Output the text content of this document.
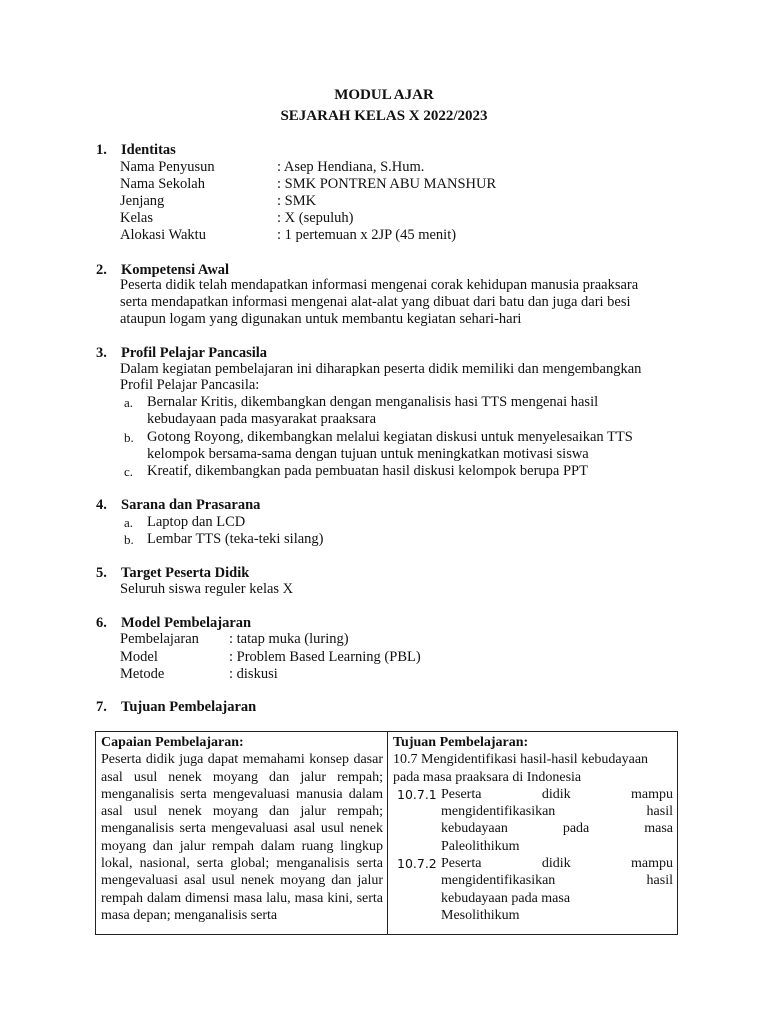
MODUL AJAR
SEJARAH KELAS X 2022/2023
1. Identitas
Nama Penyusun	: Asep Hendiana, S.Hum.
Nama Sekolah	: SMK PONTREN ABU MANSHUR
Jenjang	: SMK
Kelas	: X (sepuluh)
Alokasi Waktu	: 1 pertemuan x 2JP (45 menit)
2. Kompetensi Awal
Peserta didik telah mendapatkan informasi mengenai corak kehidupan manusia praaksara
serta mendapatkan informasi mengenai alat-alat yang dibuat dari batu dan juga dari besi
ataupun logam yang digunakan untuk membantu kegiatan sehari-hari
3. Profil Pelajar Pancasila
Dalam kegiatan pembelajaran ini diharapkan peserta didik memiliki dan mengembangkan
Profil Pelajar Pancasila:
a. Bernalar Kritis, dikembangkan dengan menganalisis hasi TTS mengenai hasil
kebudayaan pada masyarakat praaksara
b. Gotong Royong, dikembangkan melalui kegiatan diskusi untuk menyelesaikan TTS
kelompok bersama-sama dengan tujuan untuk meningkatkan motivasi siswa
c. Kreatif, dikembangkan pada pembuatan hasil diskusi kelompok berupa PPT
4. Sarana dan Prasarana
a. Laptop dan LCD
b. Lembar TTS (teka-teki silang)
5. Target Peserta Didik
Seluruh siswa reguler kelas X
6. Model Pembelajaran
Pembelajaran : tatap muka (luring)
Model	: Problem Based Learning (PBL)
Metode	: diskusi
7. Tujuan Pembelajaran
Capaian Pembelajaran:
Peserta didik juga dapat memahami konsep dasar asal usul nenek moyang dan jalur rempah; menganalisis serta mengevaluasi manusia dalam asal usul nenek moyang dan jalur rempah; menganalisis serta mengevaluasi asal usul nenek moyang dan jalur rempah dalam ruang lingkup lokal, nasional, serta global; menganalisis serta mengevaluasi asal usul nenek moyang dan jalur rempah dalam dimensi masa lalu, masa kini, serta masa depan; menganalisis serta

Tujuan Pembelajaran:
10.7 Mengidentifikasi hasil-hasil kebudayaan pada masa praaksara di Indonesia
10.7.1 Peserta didik mampu
mengidentifikasikan hasil
kebudayaan pada masa
Paleolithikum
10.7.2 Peserta didik mampu
mengidentifikasikan hasil
kebudayaan pada masa
Mesolithikum
